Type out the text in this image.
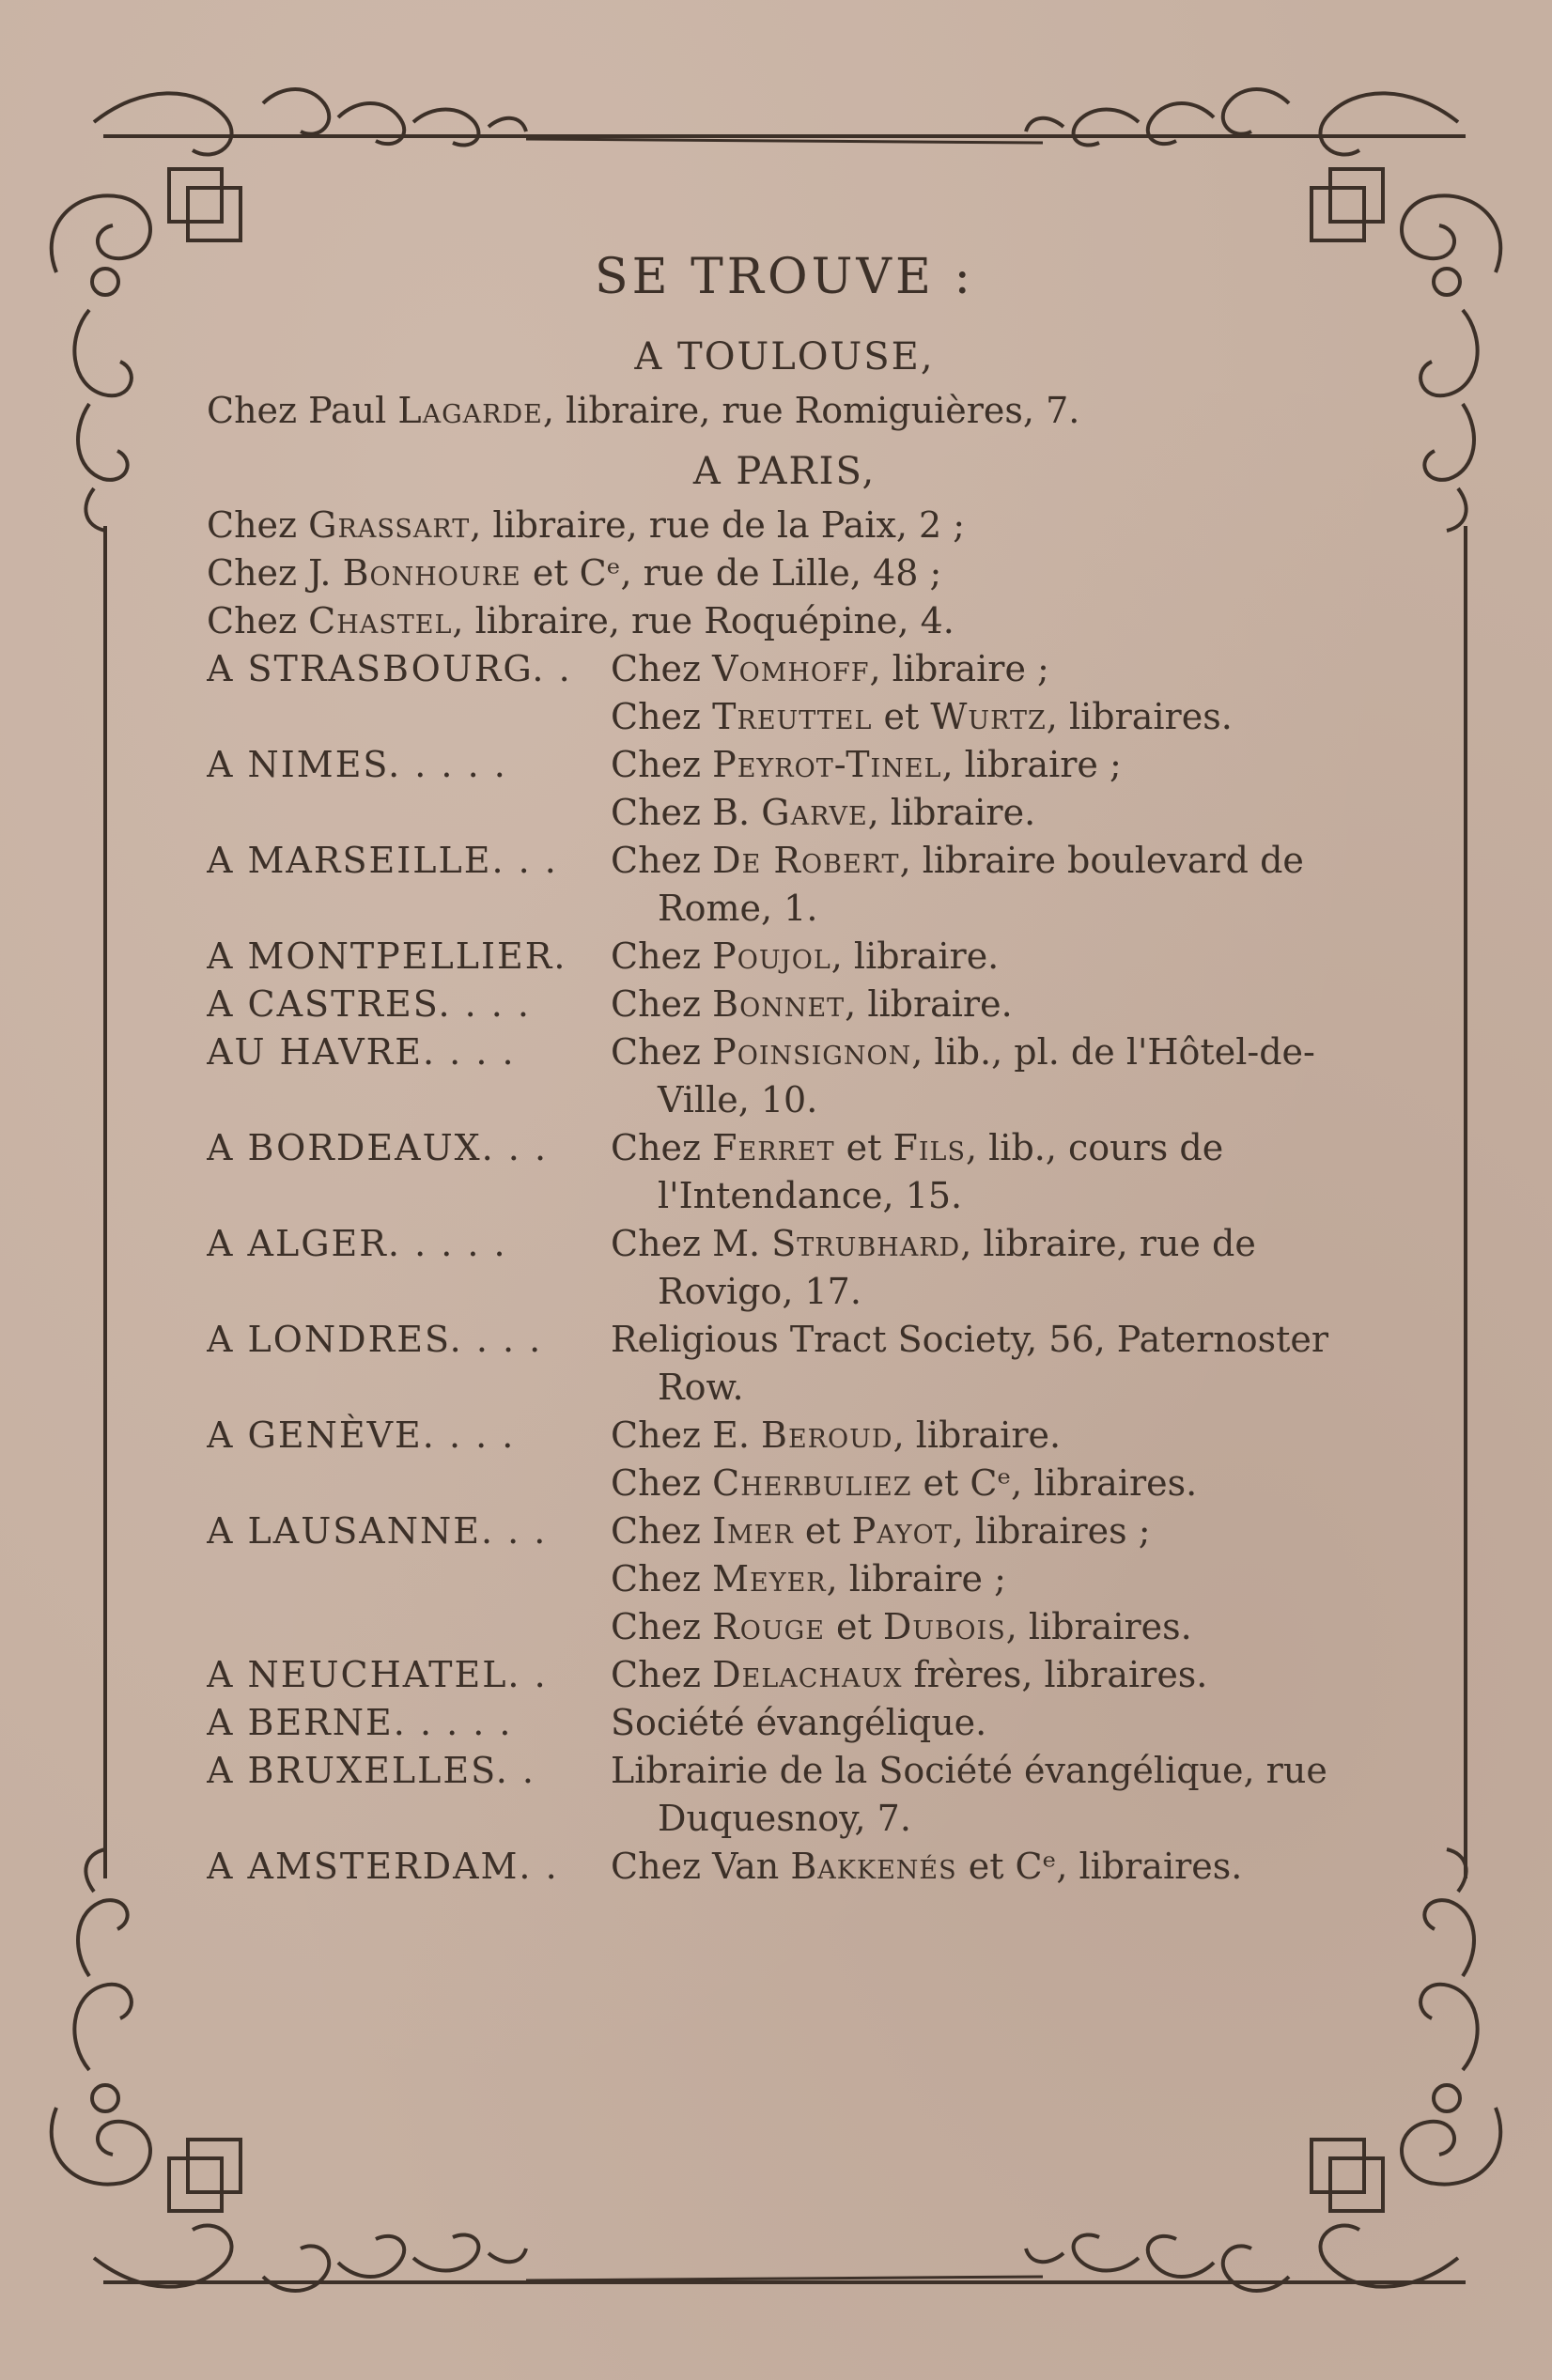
SE TROUVE :
A TOULOUSE,
Chez Paul Lagarde, libraire, rue Romiguières, 7.
A PARIS,
Chez Grassart, libraire, rue de la Paix, 2 ;
Chez J. Bonhoure et Cᵉ, rue de Lille, 48 ;
Chez Chastel, libraire, rue Roquépine, 4.
A STRASBOURG. .	Chez Vomhoff, libraire ;
Chez Treuttel et Wurtz, libraires.
A NIMES. . . . .	Chez Peyrot-Tinel, libraire ;
Chez B. Garve, libraire.
A MARSEILLE. . .	Chez De Robert, libraire boulevard de Rome, 1.
A MONTPELLIER.	Chez Poujol, libraire.
A CASTRES. . . .	Chez Bonnet, libraire.
AU HAVRE. . . .	Chez Poinsignon, lib., pl. de l'Hôtel-de-Ville, 10.
A BORDEAUX. . .	Chez Ferret et Fils, lib., cours de l'Intendance, 15.
A ALGER. . . . .	Chez M. Strubhard, libraire, rue de Rovigo, 17.
A LONDRES. . . .	Religious Tract Society, 56, Paternoster Row.
A GENÈVE. . . .	Chez E. Beroud, libraire.
Chez Cherbuliez et Cᵉ, libraires.
A LAUSANNE. . .	Chez Imer et Payot, libraires ;
Chez Meyer, libraire ;
Chez Rouge et Dubois, libraires.
A NEUCHATEL. .	Chez Delachaux frères, libraires.
A BERNE. . . . .	Société évangélique.
A BRUXELLES. .	Librairie de la Société évangélique, rue Duquesnoy, 7.
A AMSTERDAM. .	Chez Van Bakkenés et Cᵉ, libraires.
